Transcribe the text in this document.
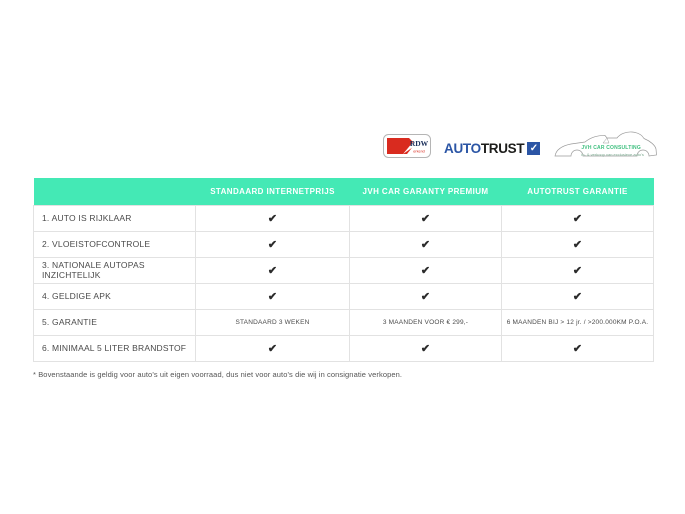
RDW
erkend AUTO TRUST ✓	JVH CAR CONSULTING
in- & verkoop van exclusieve auto's
	STANDAARD INTERNETPRIJS	JVH CAR GARANTY PREMIUM	AUTOTRUST GARANTIE
1. AUTO IS RIJKLAAR	✔	✔	✔
2. VLOEISTOFCONTROLE	✔	✔	✔
3. NATIONALE AUTOPAS INZICHTELIJK	✔	✔	✔
4. GELDIGE APK	✔	✔	✔
5. GARANTIE	STANDAARD 3 WEKEN	3 MAANDEN VOOR € 299,-	6 MAANDEN BIJ > 12 jr. / >200.000KM P.O.A.
6. MINIMAAL 5 LITER BRANDSTOF	✔	✔	✔
* Bovenstaande is geldig voor auto's uit eigen voorraad, dus niet voor auto's die wij in consignatie verkopen.
